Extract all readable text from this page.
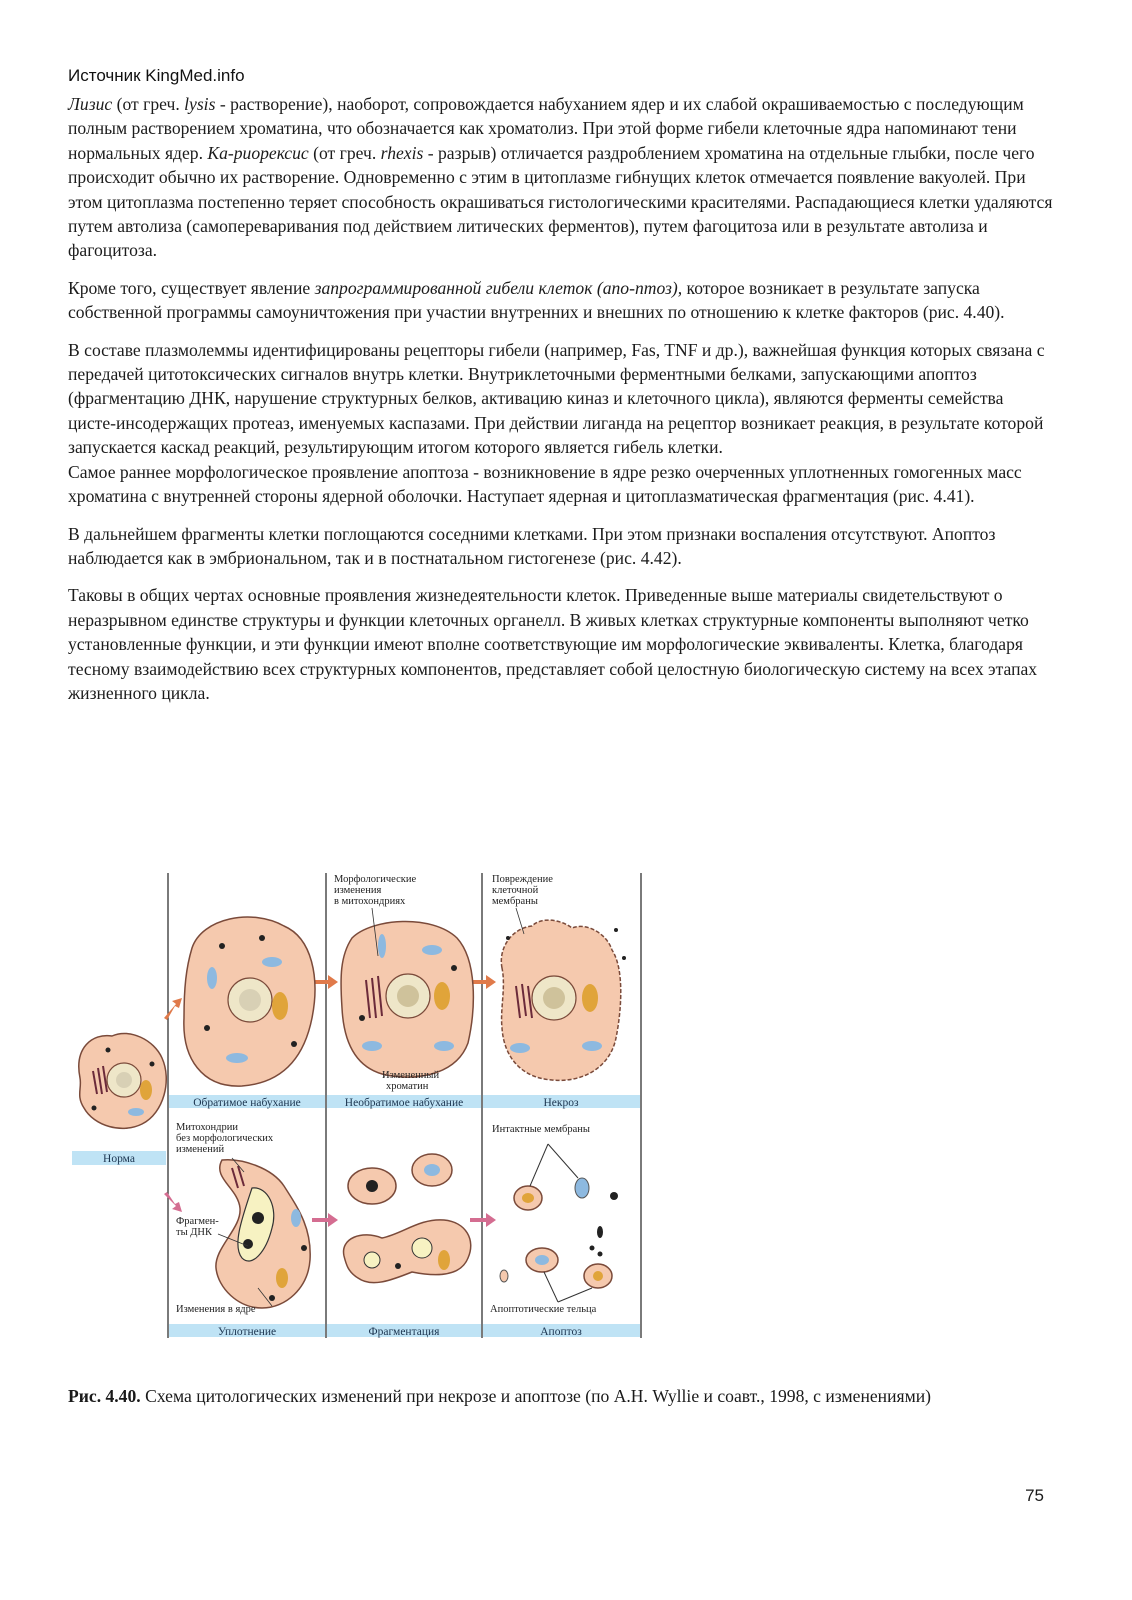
Источник KingMed.info

Лизис (от греч. lysis - растворение), наоборот, сопровождается набуханием ядер и их слабой окрашиваемостью с последующим полным растворением хроматина, что обозначается как хроматолиз. При этой форме гибели клеточные ядра напоминают тени нормальных ядер. Ка-риорексис (от греч. rhexis - разрыв) отличается раздроблением хроматина на отдельные глыбки, после чего происходит обычно их растворение. Одновременно с этим в цитоплазме гибнущих клеток отмечается появление вакуолей. При этом цитоплазма постепенно теряет способность окрашиваться гистологическими красителями. Распадающиеся клетки удаляются путем автолиза (самопереваривания под действием литических ферментов), путем фагоцитоза или в результате автолиза и фагоцитоза.

Кроме того, существует явление запрограммированной гибели клеток (апо-птоз), которое возникает в результате запуска собственной программы самоуничтожения при участии внутренних и внешних по отношению к клетке факторов (рис. 4.40).

В составе плазмолеммы идентифицированы рецепторы гибели (например, Fas, TNF и др.), важнейшая функция которых связана с передачей цитотоксических сигналов внутрь клетки. Внутриклеточными ферментными белками, запускающими апоптоз (фрагментацию ДНК, нарушение структурных белков, активацию киназ и клеточного цикла), являются ферменты семейства цисте-инсодержащих протеаз, именуемых каспазами. При действии лиганда на рецептор возникает реакция, в результате которой запускается каскад реакций, результирующим итогом которого является гибель клетки.

Самое раннее морфологическое проявление апоптоза - возникновение в ядре резко очерченных уплотненных гомогенных масс хроматина с внутренней стороны ядерной оболочки. Наступает ядерная и цитоплазматическая фрагментация (рис. 4.41).

В дальнейшем фрагменты клетки поглощаются соседними клетками. При этом признаки воспаления отсутствуют. Апоптоз наблюдается как в эмбриональном, так и в постнатальном гистогенезе (рис. 4.42).

Таковы в общих чертах основные проявления жизнедеятельности клеток. Приведенные выше материалы свидетельствуют о неразрывном единстве структуры и функции клеточных органелл. В живых клетках структурные компоненты выполняют четко установленные функции, и эти функции имеют вполне соответствующие им морфологические эквиваленты. Клетка, благодаря тесному взаимодействию всех структурных компонентов, представляет собой целостную биологическую систему на всех этапах жизненного цикла.

Норма
Обратимое набухание	Необратимое набухание	Некроз
Уплотнение	Фрагментация	Апоптоз
Морфологические изменения в митохондриях
Повреждение клеточной мембраны
Измененный хроматин
Митохондрии без морфологических изменений
Фрагмен-ты ДНК
Изменения в ядре
Интактные мембраны
Апоптотические тельца
Рис. 4.40. Схема цитологических изменений при некрозе и апоптозе (по А.Н. Wyllie и соавт., 1998, с изменениями)
75
